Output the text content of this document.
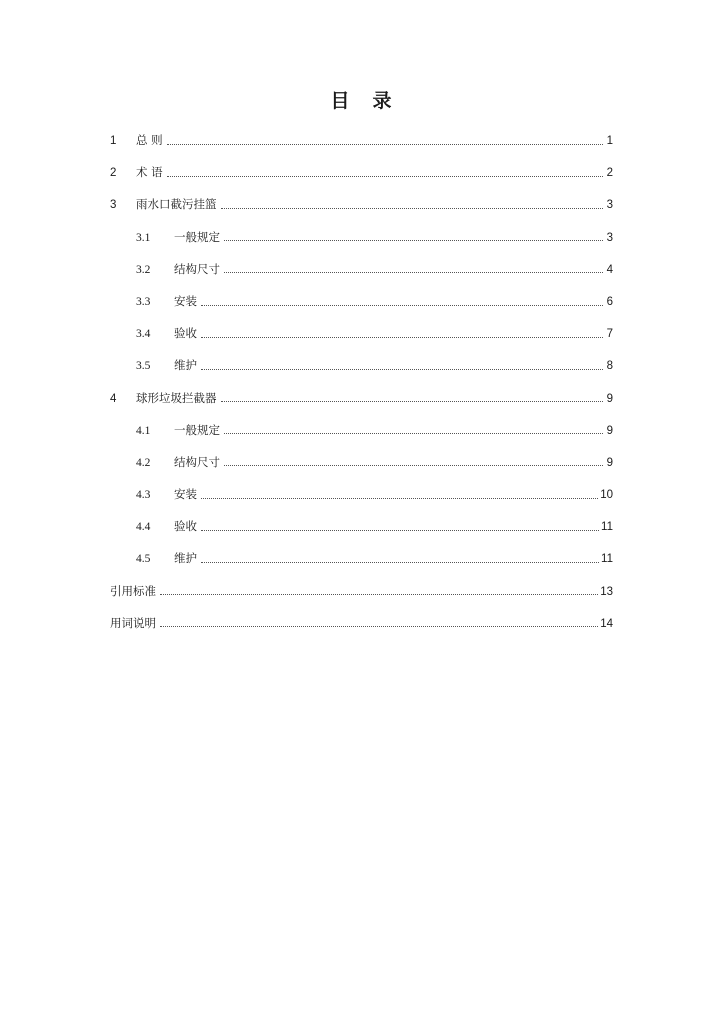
目　录
1	总 则	1
2	术 语	2
3	雨水口截污挂篮	3
3.1	一般规定	3
3.2	结构尺寸	4
3.3	安装	6
3.4	验收	7
3.5	维护	8
4	球形垃圾拦截器	9
4.1	一般规定	9
4.2	结构尺寸	9
4.3	安装	10
4.4	验收	11
4.5	维护	11
引用标准	13
用词说明	14
